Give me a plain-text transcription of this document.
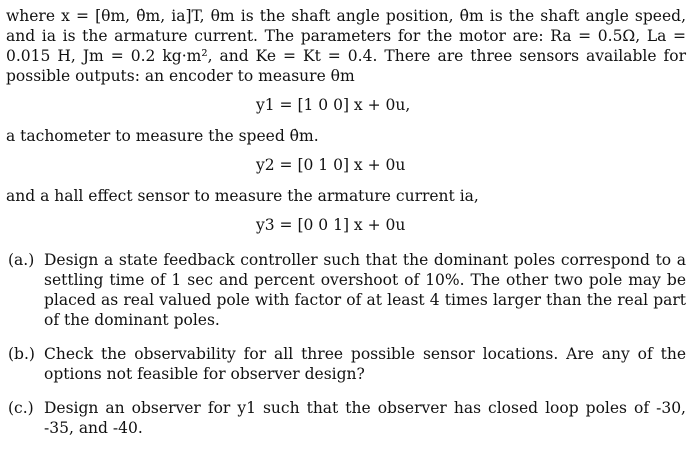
where x = [θm, θ̇m, ia]T, θm is the shaft angle position, θ̇m is the shaft angle speed, and ia is the armature current. The parameters for the motor are: Ra = 0.5Ω, La = 0.015 H, Jm = 0.2 kg·m², and Ke = Kt = 0.4. There are three sensors available for possible outputs: an encoder to measure θm

y1 = [1 0 0] x + 0u,

a tachometer to measure the speed θ̇m.

y2 = [0 1 0] x + 0u

and a hall effect sensor to measure the armature current ia,

y3 = [0 0 1] x + 0u

(a.) Design a state feedback controller such that the dominant poles correspond to a settling time of 1 sec and percent overshoot of 10%. The other two pole may be placed as real valued pole with factor of at least 4 times larger than the real part of the dominant poles.
(b.) Check the observability for all three possible sensor locations. Are any of the options not feasible for observer design?
(c.) Design an observer for y1 such that the observer has closed loop poles of -30, -35, and -40.
